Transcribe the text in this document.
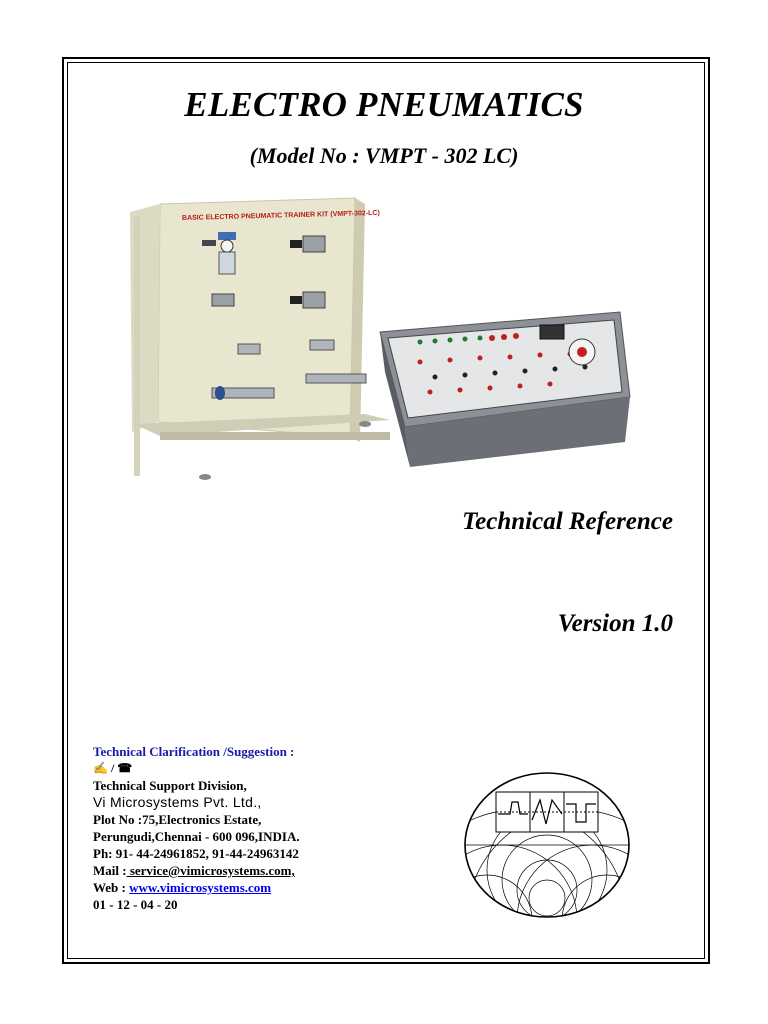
ELECTRO PNEUMATICS
(Model No : VMPT - 302 LC)
BASIC ELECTRO PNEUMATIC TRAINER KIT (VMPT-302-LC)
Technical Reference
Version 1.0
Technical Clarification /Suggestion :
✍ / ☎
Technical Support Division,
Vi Microsystems Pvt. Ltd.,
Plot No :75,Electronics Estate,
Perungudi,Chennai - 600 096,INDIA.
Ph: 91- 44-24961852, 91-44-24963142
Mail : service@vimicrosystems.com,
Web : www.vimicrosystems.com
01 - 12 - 04 - 20
